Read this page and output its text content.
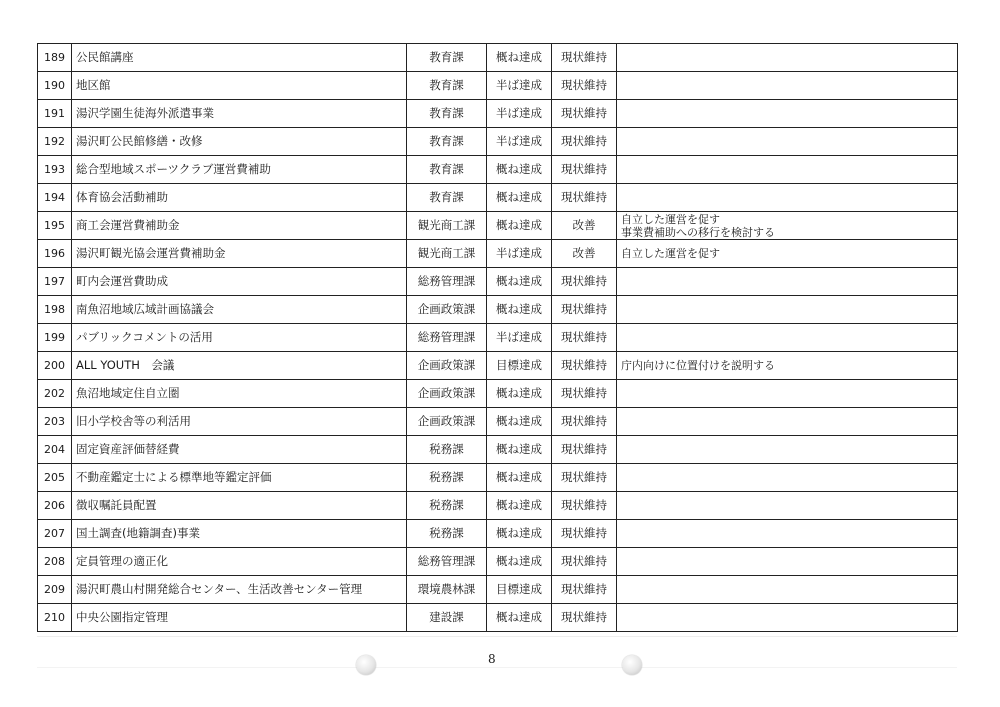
189	公民館講座	教育課	概ね達成	現状維持	
190	地区館	教育課	半ば達成	現状維持	
191	湯沢学園生徒海外派遣事業	教育課	半ば達成	現状維持	
192	湯沢町公民館修繕・改修	教育課	半ば達成	現状維持	
193	総合型地域スポーツクラブ運営費補助	教育課	概ね達成	現状維持	
194	体育協会活動補助	教育課	概ね達成	現状維持	
195	商工会運営費補助金	観光商工課	概ね達成	改善	自立した運営を促す
事業費補助への移行を検討する

196	湯沢町観光協会運営費補助金	観光商工課	半ば達成	改善	自立した運営を促す

197	町内会運営費助成	総務管理課	概ね達成	現状維持	
198	南魚沼地域広域計画協議会	企画政策課	概ね達成	現状維持	
199	パブリックコメントの活用	総務管理課	半ば達成	現状維持	
200	ALL YOUTH　会議	企画政策課	目標達成	現状維持	庁内向けに位置付けを説明する

202	魚沼地域定住自立圏	企画政策課	概ね達成	現状維持	
203	旧小学校舎等の利活用	企画政策課	概ね達成	現状維持	
204	固定資産評価替経費	税務課	概ね達成	現状維持	
205	不動産鑑定士による標準地等鑑定評価	税務課	概ね達成	現状維持	
206	徴収嘱託員配置	税務課	概ね達成	現状維持	
207	国土調査(地籍調査)事業	税務課	概ね達成	現状維持	
208	定員管理の適正化	総務管理課	概ね達成	現状維持	
209	湯沢町農山村開発総合センター、生活改善センター管理	環境農林課	目標達成	現状維持	
210	中央公園指定管理	建設課	概ね達成	現状維持	
8
